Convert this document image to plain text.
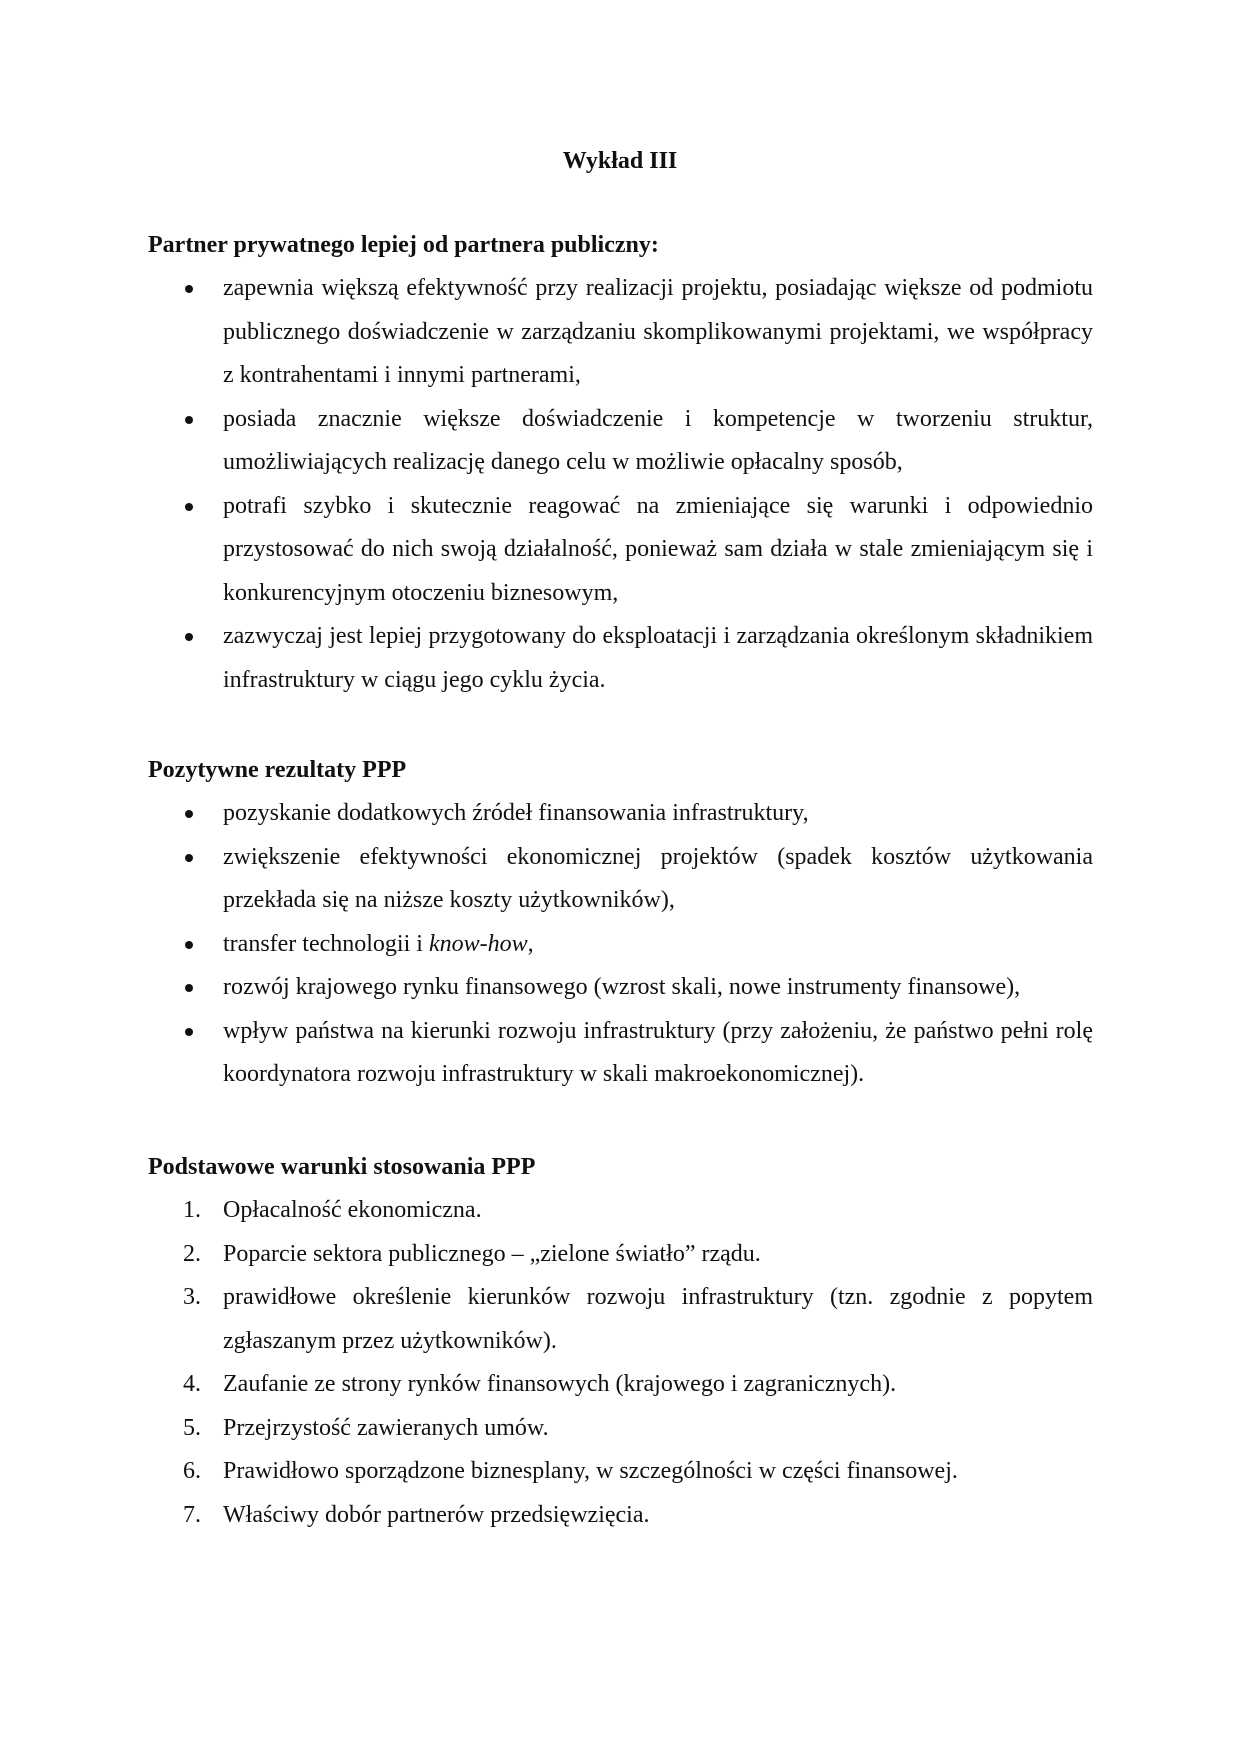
Wykład III
Partner prywatnego lepiej od partnera publiczny:
zapewnia większą efektywność przy realizacji projektu, posiadając większe od podmiotu publicznego doświadczenie w zarządzaniu skomplikowanymi projektami, we współpracy z kontrahentami i innymi partnerami,
posiada znacznie większe doświadczenie i kompetencje w tworzeniu struktur, umożliwiających realizację danego celu w możliwie opłacalny sposób,
potrafi szybko i skutecznie reagować na zmieniające się warunki i odpowiednio przystosować do nich swoją działalność, ponieważ sam działa w stale zmieniającym się i konkurencyjnym otoczeniu biznesowym,
zazwyczaj jest lepiej przygotowany do eksploatacji i zarządzania określonym składnikiem infrastruktury w ciągu jego cyklu życia.
Pozytywne rezultaty PPP
pozyskanie dodatkowych źródeł finansowania infrastruktury,
zwiększenie efektywności ekonomicznej projektów (spadek kosztów użytkowania przekłada się na niższe koszty użytkowników),
transfer technologii i know-how,
rozwój krajowego rynku finansowego (wzrost skali, nowe instrumenty finansowe),
wpływ państwa na kierunki rozwoju infrastruktury (przy założeniu, że państwo pełni rolę koordynatora rozwoju infrastruktury w skali makroekonomicznej).
Podstawowe warunki stosowania PPP
1. Opłacalność ekonomiczna.
2. Poparcie sektora publicznego – „zielone światło” rządu.
3. prawidłowe określenie kierunków rozwoju infrastruktury (tzn. zgodnie z popytem zgłaszanym przez użytkowników).
4. Zaufanie ze strony rynków finansowych (krajowego i zagranicznych).
5. Przejrzystość zawieranych umów.
6. Prawidłowo sporządzone biznesplany, w szczególności w części finansowej.
7. Właściwy dobór partnerów przedsięwzięcia.
